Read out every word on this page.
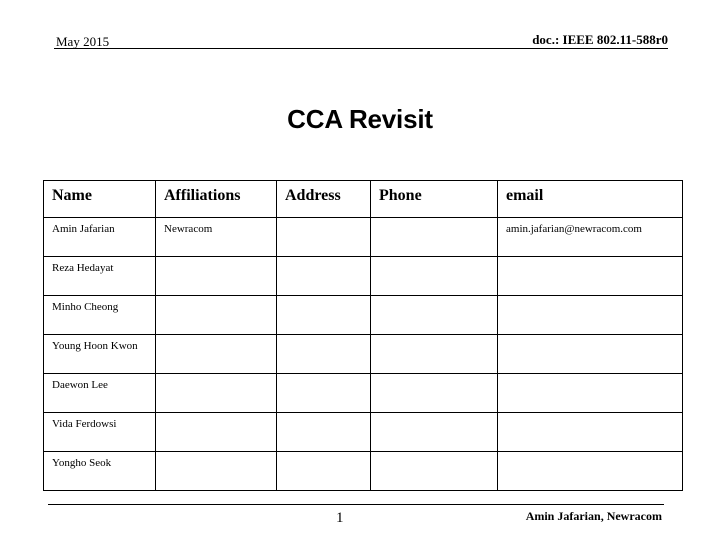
May 2015	doc.: IEEE 802.11-588r0
CCA Revisit
Name	Affiliations	Address	Phone	email
Amin Jafarian	Newracom			amin.jafarian@newracom.com
Reza Hedayat				
Minho Cheong				
Young Hoon Kwon				
Daewon Lee				
Vida Ferdowsi				
Yongho Seok				
1	Amin Jafarian, Newracom
